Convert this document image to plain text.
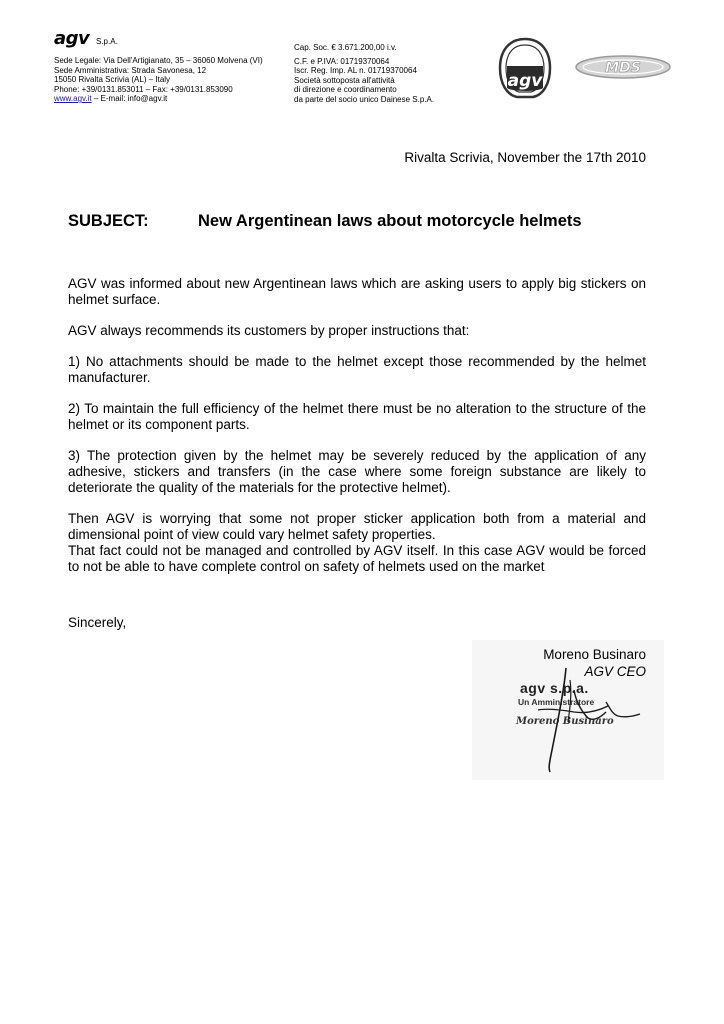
agv S.p.A.
Sede Legale: Via Dell'Artigianato, 35 – 36060 Molvena (VI)
Sede Amministrativa: Strada Savonesa, 12
15050 Rivalta Scrivia (AL) – Italy
Phone: +39/0131.853011 – Fax: +39/0131.853090
www.agv.it – E-mail: info@agv.it
Cap. Soc. € 3.671.200,00 i.v.
C.F. e P.IVA: 01719370064
Iscr. Reg. Imp. AL n. 01719370064
Società sottoposta all'attività
di direzione e coordinamento
da parte del socio unico Dainese S.p.A.
agv
MDS
Rivalta Scrivia, November the 17th 2010
SUBJECT:	New Argentinean laws about motorcycle helmets

AGV was informed about new Argentinean laws which are asking users to apply big stickers on helmet surface.

AGV always recommends its customers by proper instructions that:

1) No attachments should be made to the helmet except those recommended by the helmet manufacturer.

2) To maintain the full efficiency of the helmet there must be no alteration to the structure of the helmet or its component parts.

3) The protection given by the helmet may be severely reduced by the application of any adhesive, stickers and transfers (in the case where some foreign substance are likely to deteriorate the quality of the materials for the protective helmet).

Then AGV is worrying that some not proper sticker application both from a material and dimensional point of view could vary helmet safety properties.

That fact could not be managed and controlled by AGV itself. In this case AGV would be forced to not be able to have complete control on safety of helmets used on the market

Sincerely,
agv s.p.a.
Un Amministratore
Moreno Businaro
Moreno Businaro
AGV CEO
